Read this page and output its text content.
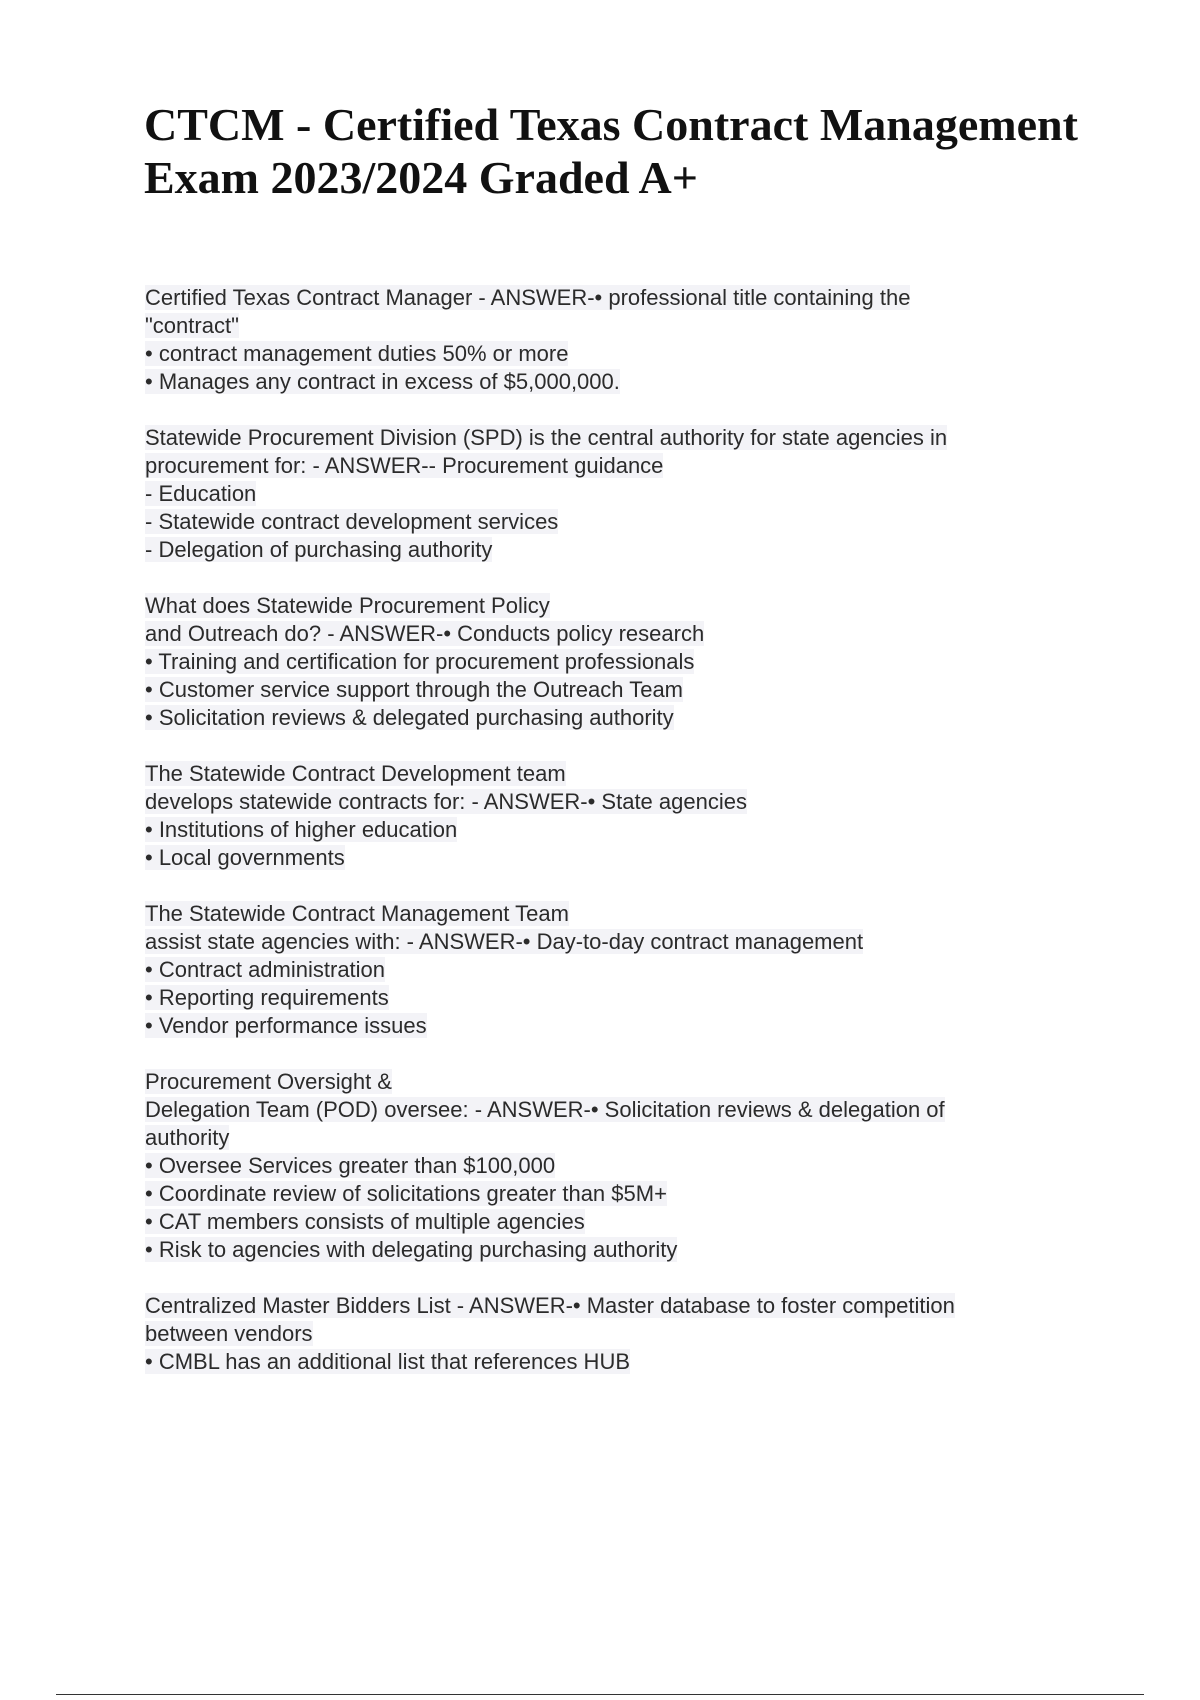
CTCM - Certified Texas Contract Management
Exam 2023/2024 Graded A+
Certified Texas Contract Manager - ANSWER-• professional title containing the
"contract"
• contract management duties 50% or more
• Manages any contract in excess of $5,000,000.
Statewide Procurement Division (SPD) is the central authority for state agencies in
procurement for: - ANSWER-- Procurement guidance
- Education
- Statewide contract development services
- Delegation of purchasing authority
What does Statewide Procurement Policy
and Outreach do? - ANSWER-• Conducts policy research
• Training and certification for procurement professionals
• Customer service support through the Outreach Team
• Solicitation reviews & delegated purchasing authority
The Statewide Contract Development team
develops statewide contracts for: - ANSWER-• State agencies
• Institutions of higher education
• Local governments
The Statewide Contract Management Team
assist state agencies with: - ANSWER-• Day-to-day contract management
• Contract administration
• Reporting requirements
• Vendor performance issues
Procurement Oversight &
Delegation Team (POD) oversee: - ANSWER-• Solicitation reviews & delegation of
authority
• Oversee Services greater than $100,000
• Coordinate review of solicitations greater than $5M+
• CAT members consists of multiple agencies
• Risk to agencies with delegating purchasing authority
Centralized Master Bidders List - ANSWER-• Master database to foster competition
between vendors
• CMBL has an additional list that references HUB
